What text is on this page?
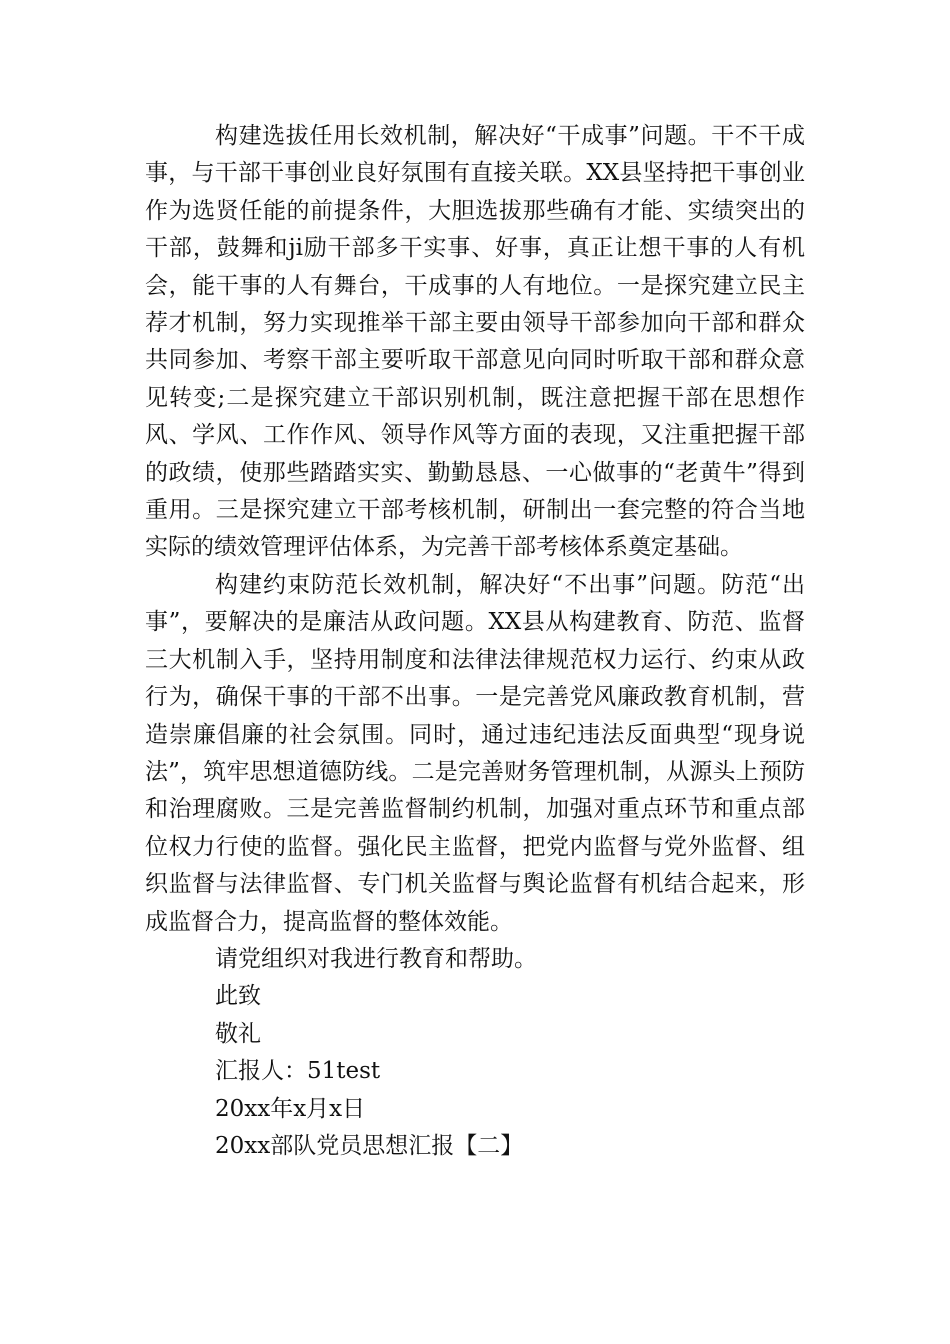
构建选拔任用长效机制，解决好“干成事”问题。干不干成事，与干部干事创业良好氛围有直接关联。XX县坚持把干事创业作为选贤任能的前提条件，大胆选拔那些确有才能、实绩突出的干部，鼓舞和ji励干部多干实事、好事，真正让想干事的人有机会，能干事的人有舞台，干成事的人有地位。一是探究建立民主荐才机制，努力实现推举干部主要由领导干部参加向干部和群众共同参加、考察干部主要听取干部意见向同时听取干部和群众意见转变;二是探究建立干部识别机制，既注意把握干部在思想作风、学风、工作作风、领导作风等方面的表现，又注重把握干部的政绩，使那些踏踏实实、勤勤恳恳、一心做事的“老黄牛”得到重用。三是探究建立干部考核机制，研制出一套完整的符合当地实际的绩效管理评估体系，为完善干部考核体系奠定基础。

构建约束防范长效机制，解决好“不出事”问题。防范“出事”，要解决的是廉洁从政问题。XX县从构建教育、防范、监督三大机制入手，坚持用制度和法律法律规范权力运行、约束从政行为，确保干事的干部不出事。一是完善党风廉政教育机制，营造崇廉倡廉的社会氛围。同时，通过违纪违法反面典型“现身说法”，筑牢思想道德防线。二是完善财务管理机制，从源头上预防和治理腐败。三是完善监督制约机制，加强对重点环节和重点部位权力行使的监督。强化民主监督，把党内监督与党外监督、组织监督与法律监督、专门机关监督与舆论监督有机结合起来，形成监督合力，提高监督的整体效能。

请党组织对我进行教育和帮助。

此致

敬礼

汇报人：51test

20xx年x月x日

20xx部队党员思想汇报【二】
